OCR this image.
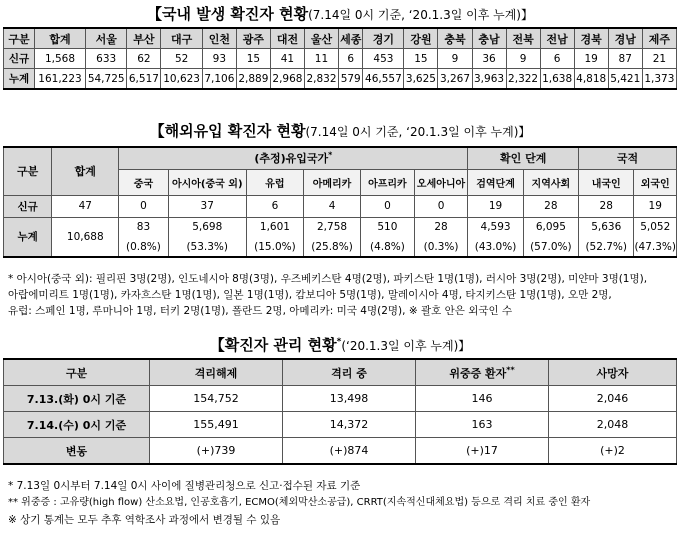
【국내 발생 확진자 현황(7.14일 0시 기준, ‘20.1.3일 이후 누계)】
구분	합계	서울	부산	대구	인천	광주	대전	울산	세종	경기	강원	충북	충남	전북	전남	경북	경남	제주
신규	1,568	633	62	52	93	15	41	11	6	453	15	9	36	9	6	19	87	21
누계	161,223	54,725	6,517	10,623	7,106	2,889	2,968	2,832	579	46,557	3,625	3,267	3,963	2,322	1,638	4,818	5,421	1,373
【해외유입 확진자 현황(7.14일 0시 기준, ‘20.1.3일 이후 누계)】
구분	합계	(추정)유입국가*						확인 단계		국적	
		중국	아시아(중국 외)	유럽	아메리카	아프리카	오세아니아	검역단계	지역사회	내국인	외국인
신규	47	0	37	6	4	0	0	19	28	28	19
누계	10,688	83	5,698	1,601	2,758	510	28	4,593	6,095	5,636	5,052
		(0.8%)	(53.3%)	(15.0%)	(25.8%)	(4.8%)	(0.3%)	(43.0%)	(57.0%)	(52.7%)	(47.3%)
* 아시아(중국 외): 필리핀 3명(2명), 인도네시아 8명(3명), 우즈베키스탄 4명(2명), 파키스탄 1명(1명), 러시아 3명(2명), 미얀마 3명(1명),
아랍에미리트 1명(1명), 카자흐스탄 1명(1명), 일본 1명(1명), 캄보디아 5명(1명), 말레이시아 4명, 타지키스탄 1명(1명), 오만 2명,
유럽: 스페인 1명, 루마니아 1명, 터키 2명(1명), 폴란드 2명, 아메리카: 미국 4명(2명), ※ 괄호 안은 외국인 수
【확진자 관리 현황*(‘20.1.3일 이후 누계)】
구분	격리해제	격리 중	위중증 환자**	사망자
7.13.(화) 0시 기준	154,752	13,498	146	2,046
7.14.(수) 0시 기준	155,491	14,372	163	2,048
변동	(+)739	(+)874	(+)17	(+)2
* 7.13일 0시부터 7.14일 0시 사이에 질병관리청으로 신고·접수된 자료 기준
** 위중증 : 고유량(high flow) 산소요법, 인공호흡기, ECMO(체외막산소공급), CRRT(지속적신대체요법) 등으로 격리 치료 중인 환자
※ 상기 통계는 모두 추후 역학조사 과정에서 변경될 수 있음
